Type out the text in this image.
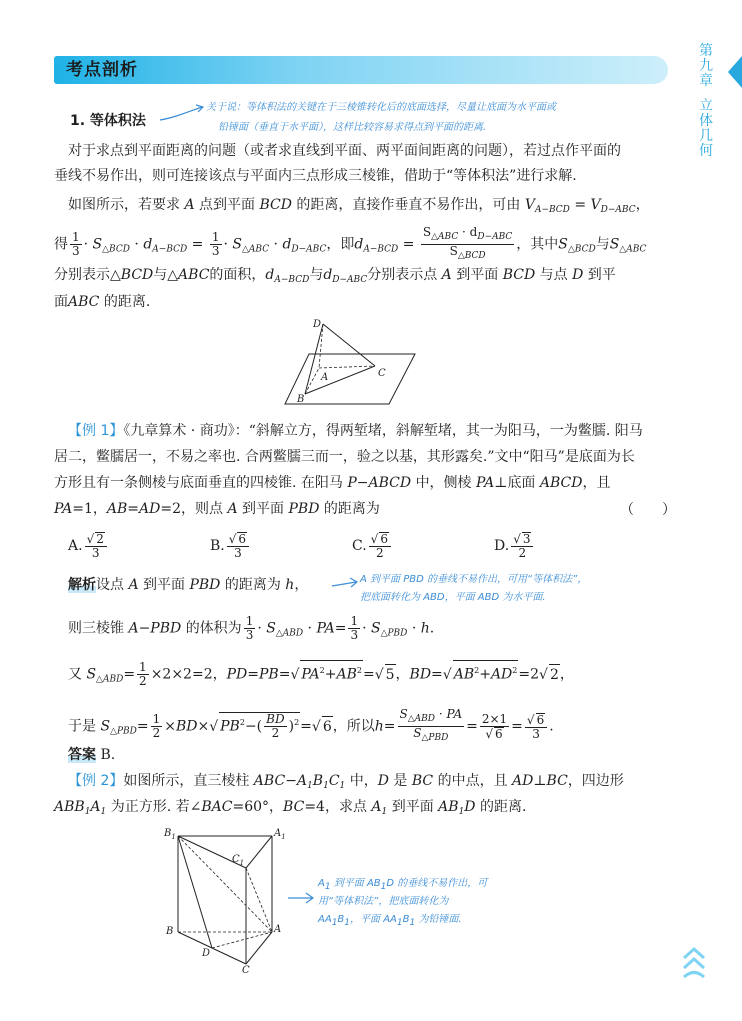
考点剖析
第九章
立体几何
1. 等体积法
关于说：等体积法的关键在于三棱锥转化后的底面选择，尽量让底面为水平面或
铅锤面（垂直于水平面），这样比较容易求得点到平面的距离.
对于求点到平面距离的问题（或者求直线到平面、两平面间距离的问题），若过点作平面的
垂线不易作出，则可连接该点与平面内三点形成三棱锥，借助于“等体积法”进行求解.
如图所示，若要求 A 点到平面 BCD 的距离，直接作垂直不易作出，可由 $V_{A-BCD} = V_{D-ABC}$，
得 $\frac{1}{3} \cdot S_{\triangle BCD} \cdot d_{A-BCD} = \frac{1}{3} \cdot S_{\triangle ABC} \cdot d_{D-ABC}$，即$d_{A-BCD} = \frac{S_{\triangle ABC} \cdot d_{D-ABC}}{S_{\triangle BCD}}$ ，其中$S_{\triangle BCD}$与$S_{\triangle ABC}$
分别表示△BCD与△ABC的面积，$d_{A-BCD}$与$d_{D-ABC}$分别表示点 A 到平面 BCD 与点 D 到平
面ABC 的距离.
D
A	C
B
【例 1】《九章算术 · 商功》：“斜解立方，得两堑堵，斜解堑堵，其一为阳马，一为鳖臑. 阳马
居二，鳖臑居一，不易之率也. 合两鳖臑三而一，验之以基，其形露矣.”文中“阳马”是底面为长
方形且有一条侧棱与底面垂直的四棱锥. 在阳马 P−ABCD 中，侧棱 PA⊥底面 ABCD，且
PA=1，AB=AD=2，则点 A 到平面 PBD 的距离为	（　　）
A.
√ $\frac{2}{3}$	B.
√ $\frac{6}{3}$	C.
√ $\frac{6}{2}$	D.
√ $\frac{3}{2}$
解析设点 A 到平面 PBD 的距离为 h，	A 到平面 PBD 的垂线不易作出，可用“等体积法”，
把底面转化为 ABD，平面 ABD 为水平面.
则三棱锥 A−PBD 的体积为 $\frac{1}{3} \cdot S_{\triangle ABD} \cdot PA= \frac{1}{3} \cdot S_{\triangle PBD} \cdot h$.
又 $S_{\triangle ABD}= \frac{1}{2} \times 2\times 2=2$，PD=PB=√ $PA^2+AB^2=√$ 5，BD=√ $AB^2+AD^2=2√$ 2，
于是 $S_{\triangle PBD}= \frac{1}{2} \times BD\times√$ $PB^2-( \frac{BD}{2} )^2=√$ 6，所以$h= \frac{S_{\triangle ABD} \cdot PA}{S_{\triangle PBD}} = 2\times 1$
√ 6 =
√ $\frac{6}{3}$ .
答案 B.
【例 2】如图所示，直三棱柱 $ABC-A_1B_1C_1$ 中，D 是 BC 的中点，且 AD⊥BC，四边形
$ABB_1A_1$ 为正方形. 若∠BAC=60°，BC=4，求点 $A_1$ 到平面 $AB_1D$ 的距离.
$B_1$	$A_1$
$C_1$
B	A
D
C
$A_1$ 到平面 $AB_1D$ 的垂线不易作出，可
用“等体积法”，把底面转化为
$AA_1B_1$，平面 $AA_1B_1$ 为铅锤面.
